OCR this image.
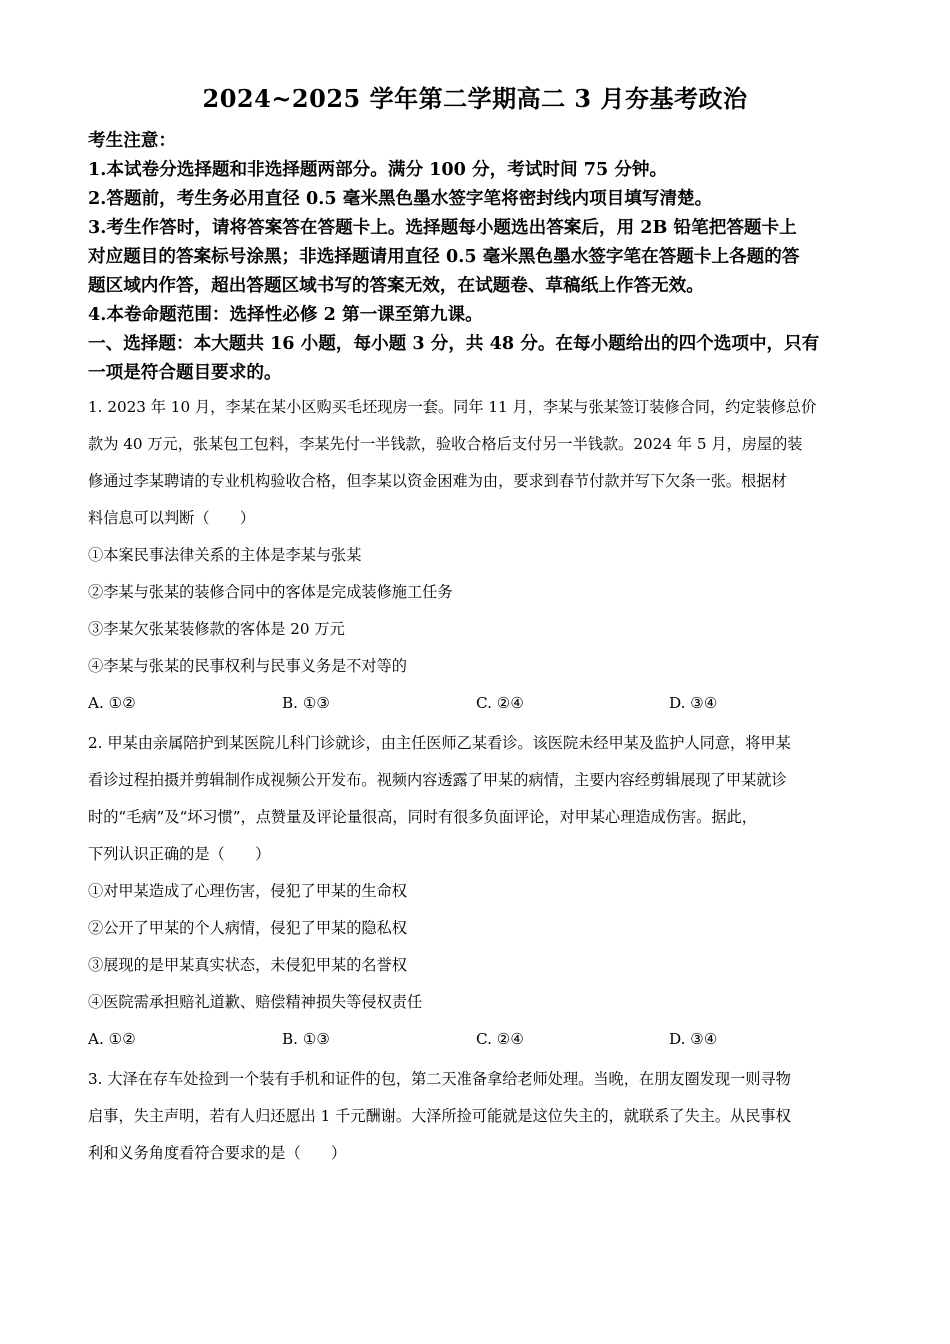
2024~2025 学年第二学期高二 3 月夯基考政治
考生注意：
1.本试卷分选择题和非选择题两部分。满分 100 分，考试时间 75 分钟。
2.答题前，考生务必用直径 0.5 毫米黑色墨水签字笔将密封线内项目填写清楚。
3.考生作答时，请将答案答在答题卡上。选择题每小题选出答案后，用 2B 铅笔把答题卡上
对应题目的答案标号涂黑；非选择题请用直径 0.5 毫米黑色墨水签字笔在答题卡上各题的答
题区域内作答，超出答题区域书写的答案无效，在试题卷、草稿纸上作答无效。
4.本卷命题范围：选择性必修 2 第一课至第九课。
一、选择题：本大题共 16 小题，每小题 3 分，共 48 分。在每小题给出的四个选项中，只有
一项是符合题目要求的。
1. 2023 年 10 月，李某在某小区购买毛坯现房一套。同年 11 月，李某与张某签订装修合同，约定装修总价
款为 40 万元，张某包工包料，李某先付一半钱款，验收合格后支付另一半钱款。2024 年 5 月，房屋的装
修通过李某聘请的专业机构验收合格，但李某以资金困难为由，要求到春节付款并写下欠条一张。根据材
料信息可以判断（　　）
①本案民事法律关系的主体是李某与张某
②李某与张某的装修合同中的客体是完成装修施工任务
③李某欠张某装修款的客体是 20 万元
④李某与张某的民事权利与民事义务是不对等的
A. ①②	B. ①③	C. ②④	D. ③④
2. 甲某由亲属陪护到某医院儿科门诊就诊，由主任医师乙某看诊。该医院未经甲某及监护人同意，将甲某
看诊过程拍摄并剪辑制作成视频公开发布。视频内容透露了甲某的病情，主要内容经剪辑展现了甲某就诊
时的“毛病”及“坏习惯”，点赞量及评论量很高，同时有很多负面评论，对甲某心理造成伤害。据此，
下列认识正确的是（　　）
①对甲某造成了心理伤害，侵犯了甲某的生命权
②公开了甲某的个人病情，侵犯了甲某的隐私权
③展现的是甲某真实状态，未侵犯甲某的名誉权
④医院需承担赔礼道歉、赔偿精神损失等侵权责任
A. ①②	B. ①③	C. ②④	D. ③④
3. 大泽在存车处捡到一个装有手机和证件的包，第二天准备拿给老师处理。当晚，在朋友圈发现一则寻物
启事，失主声明，若有人归还愿出 1 千元酬谢。大泽所捡可能就是这位失主的，就联系了失主。从民事权
利和义务角度看符合要求的是（　　）
